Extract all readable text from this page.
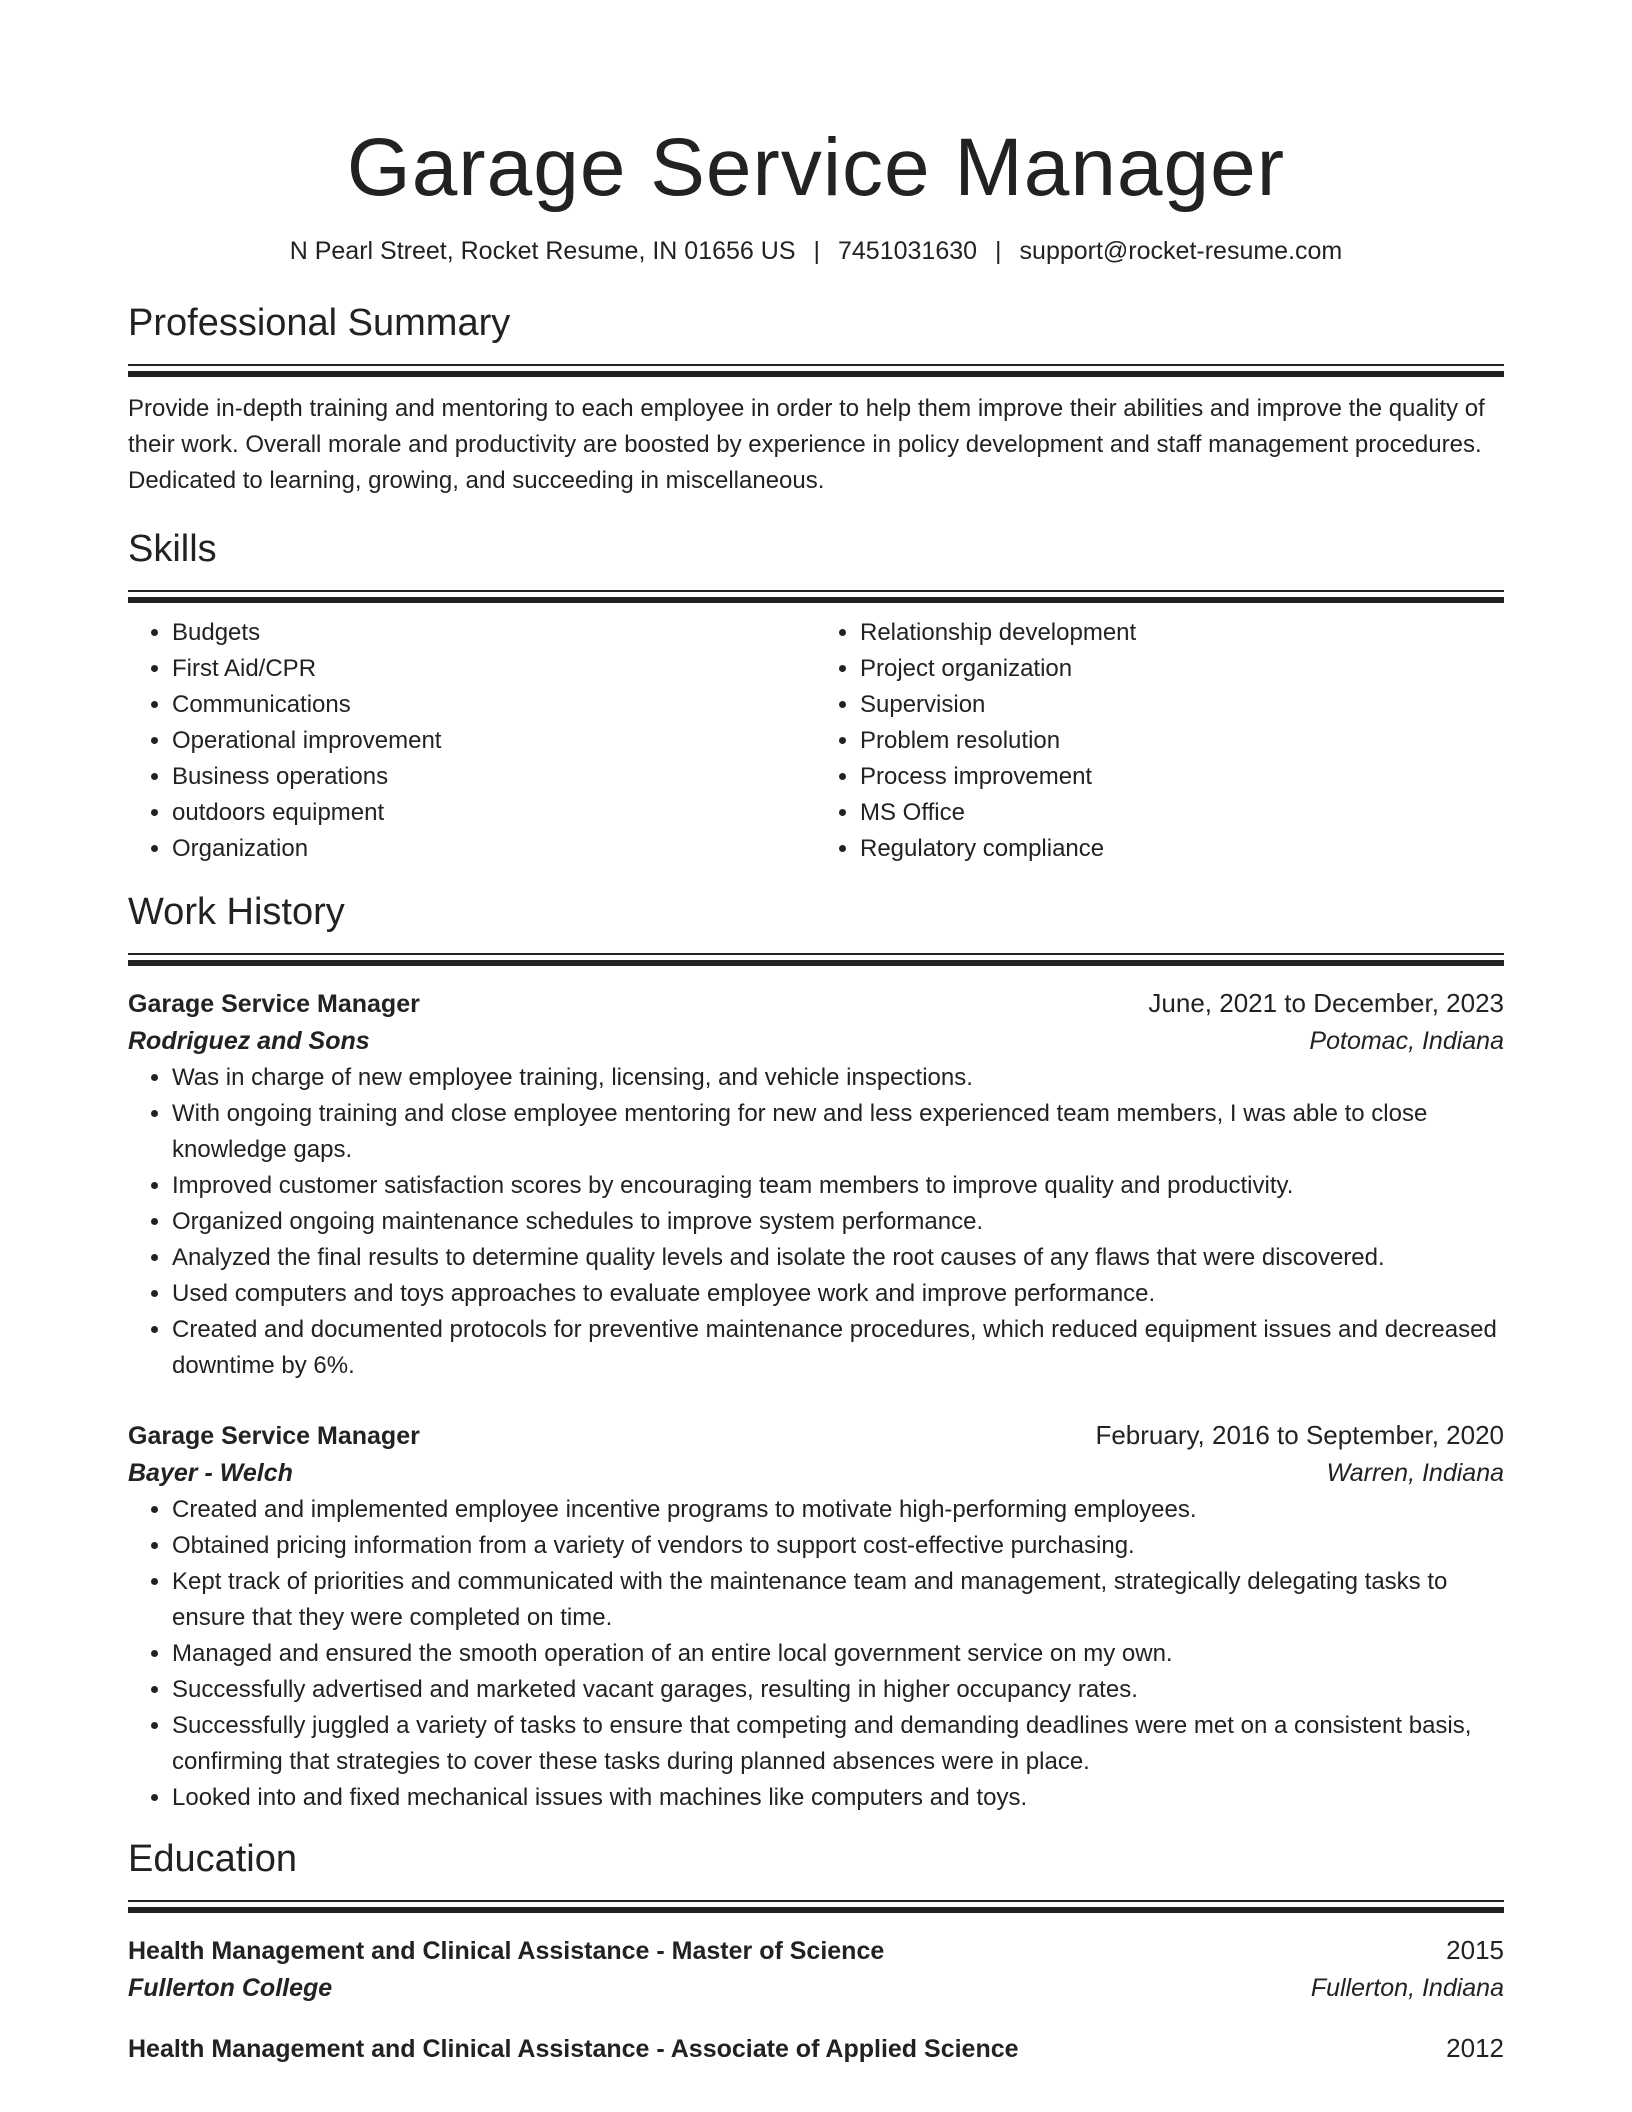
Garage Service Manager
N Pearl Street, Rocket Resume, IN 01656 US | 7451031630 | support@rocket-resume.com
Professional Summary

Provide in-depth training and mentoring to each employee in order to help them improve their abilities and improve the quality of their work. Overall morale and productivity are boosted by experience in policy development and staff management procedures. Dedicated to learning, growing, and succeeding in miscellaneous.

Skills
• Budgets
• First Aid/CPR
• Communications
• Operational improvement
• Business operations
• outdoors equipment
• Organization
• Relationship development
• Project organization
• Supervision
• Problem resolution
• Process improvement
• MS Office
• Regulatory compliance
Work History
Garage Service Manager	June, 2021 to December, 2023
Rodriguez and Sons	Potomac, Indiana
• Was in charge of new employee training, licensing, and vehicle inspections.
• With ongoing training and close employee mentoring for new and less experienced team members, I was able to close knowledge gaps.
• Improved customer satisfaction scores by encouraging team members to improve quality and productivity.
• Organized ongoing maintenance schedules to improve system performance.
• Analyzed the final results to determine quality levels and isolate the root causes of any flaws that were discovered.
• Used computers and toys approaches to evaluate employee work and improve performance.
• Created and documented protocols for preventive maintenance procedures, which reduced equipment issues and decreased downtime by 6%.
Garage Service Manager	February, 2016 to September, 2020
Bayer - Welch	Warren, Indiana
• Created and implemented employee incentive programs to motivate high-performing employees.
• Obtained pricing information from a variety of vendors to support cost-effective purchasing.
• Kept track of priorities and communicated with the maintenance team and management, strategically delegating tasks to ensure that they were completed on time.
• Managed and ensured the smooth operation of an entire local government service on my own.
• Successfully advertised and marketed vacant garages, resulting in higher occupancy rates.
• Successfully juggled a variety of tasks to ensure that competing and demanding deadlines were met on a consistent basis, confirming that strategies to cover these tasks during planned absences were in place.
• Looked into and fixed mechanical issues with machines like computers and toys.
Education
Health Management and Clinical Assistance - Master of Science	2015
Fullerton College	Fullerton, Indiana
Health Management and Clinical Assistance - Associate of Applied Science	2012
